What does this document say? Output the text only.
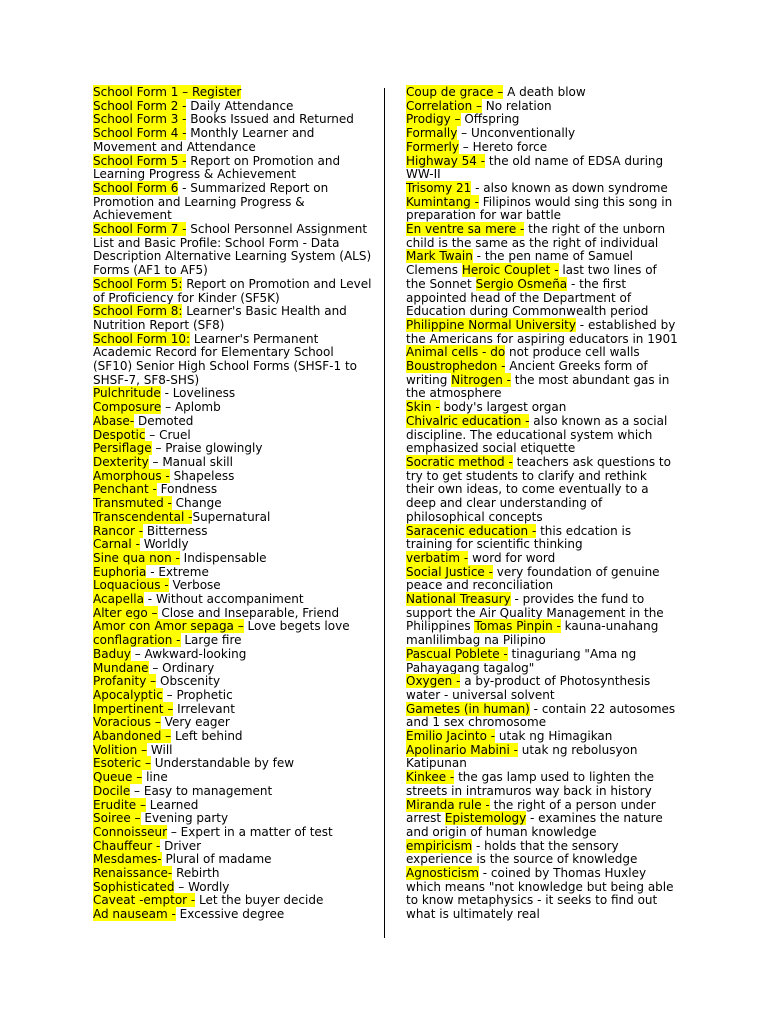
School Form 1 – Register
School Form 2 - Daily Attendance
School Form 3 - Books Issued and Returned
School Form 4 - Monthly Learner and Movement and Attendance
School Form 5 - Report on Promotion and Learning Progress & Achievement
School Form 6 - Summarized Report on Promotion and Learning Progress & Achievement
School Form 7 - School Personnel Assignment List and Basic Profile: School Form - Data Description Alternative Learning System (ALS) Forms (AF1 to AF5)
School Form 5: Report on Promotion and Level of Proficiency for Kinder (SF5K)
School Form 8: Learner's Basic Health and Nutrition Report (SF8)
School Form 10: Learner's Permanent Academic Record for Elementary School (SF10) Senior High School Forms (SHSF-1 to SHSF-7, SF8-SHS)
Pulchritude - Loveliness
Composure – Aplomb
Abase- Demoted
Despotic – Cruel
Persiflage – Praise glowingly
Dexterity – Manual skill
Amorphous - Shapeless
Penchant - Fondness
Transmuted - Change
Transcendental -Supernatural
Rancor - Bitterness
Carnal - Worldly
Sine qua non - Indispensable
Euphoria - Extreme
Loquacious - Verbose
Acapella - Without accompaniment
Alter ego – Close and Inseparable, Friend
Amor con Amor sepaga – Love begets love
conflagration - Large fire
Baduy – Awkward-looking
Mundane – Ordinary
Profanity – Obscenity
Apocalyptic – Prophetic
Impertinent – Irrelevant
Voracious – Very eager
Abandoned – Left behind
Volition – Will
Esoteric – Understandable by few
Queue – line
Docile – Easy to management
Erudite – Learned
Soiree – Evening party
Connoisseur – Expert in a matter of test
Chauffeur - Driver
Mesdames- Plural of madame
Renaissance- Rebirth
Sophisticated – Wordly
Caveat -emptor - Let the buyer decide
Ad nauseam - Excessive degree
Coup de grace – A death blow
Correlation – No relation
Prodigy – Offspring
Formally – Unconventionally
Formerly – Hereto force
Highway 54 - the old name of EDSA during WW-II
Trisomy 21 - also known as down syndrome
Kumintang - Filipinos would sing this song in preparation for war battle
En ventre sa mere - the right of the unborn child is the same as the right of individual
Mark Twain - the pen name of Samuel Clemens Heroic Couplet - last two lines of the Sonnet Sergio Osmeña - the first appointed head of the Department of Education during Commonwealth period
Philippine Normal University - established by the Americans for aspiring educators in 1901
Animal cells - do not produce cell walls
Boustrophedon - Ancient Greeks form of writing Nitrogen - the most abundant gas in the atmosphere
Skin - body's largest organ
Chivalric education - also known as a social discipline. The educational system which emphasized social etiquette
Socratic method - teachers ask questions to try to get students to clarify and rethink their own ideas, to come eventually to a deep and clear understanding of philosophical concepts
Saracenic education - this edcation is training for scientific thinking
verbatim - word for word
Social Justice - very foundation of genuine peace and reconciliation
National Treasury - provides the fund to support the Air Quality Management in the Philippines Tomas Pinpin - kauna-unahang manlilimbag na Pilipino
Pascual Poblete - tinaguriang "Ama ng Pahayagang tagalog"
Oxygen - a by-product of Photosynthesis water - universal solvent
Gametes (in human) - contain 22 autosomes and 1 sex chromosome
Emilio Jacinto - utak ng Himagikan
Apolinario Mabini - utak ng rebolusyon Katipunan
Kinkee - the gas lamp used to lighten the streets in intramuros way back in history
Miranda rule - the right of a person under arrest Epistemology - examines the nature and origin of human knowledge
empiricism - holds that the sensory experience is the source of knowledge
Agnosticism - coined by Thomas Huxley which means "not knowledge but being able to know metaphysics - it seeks to find out what is ultimately real
